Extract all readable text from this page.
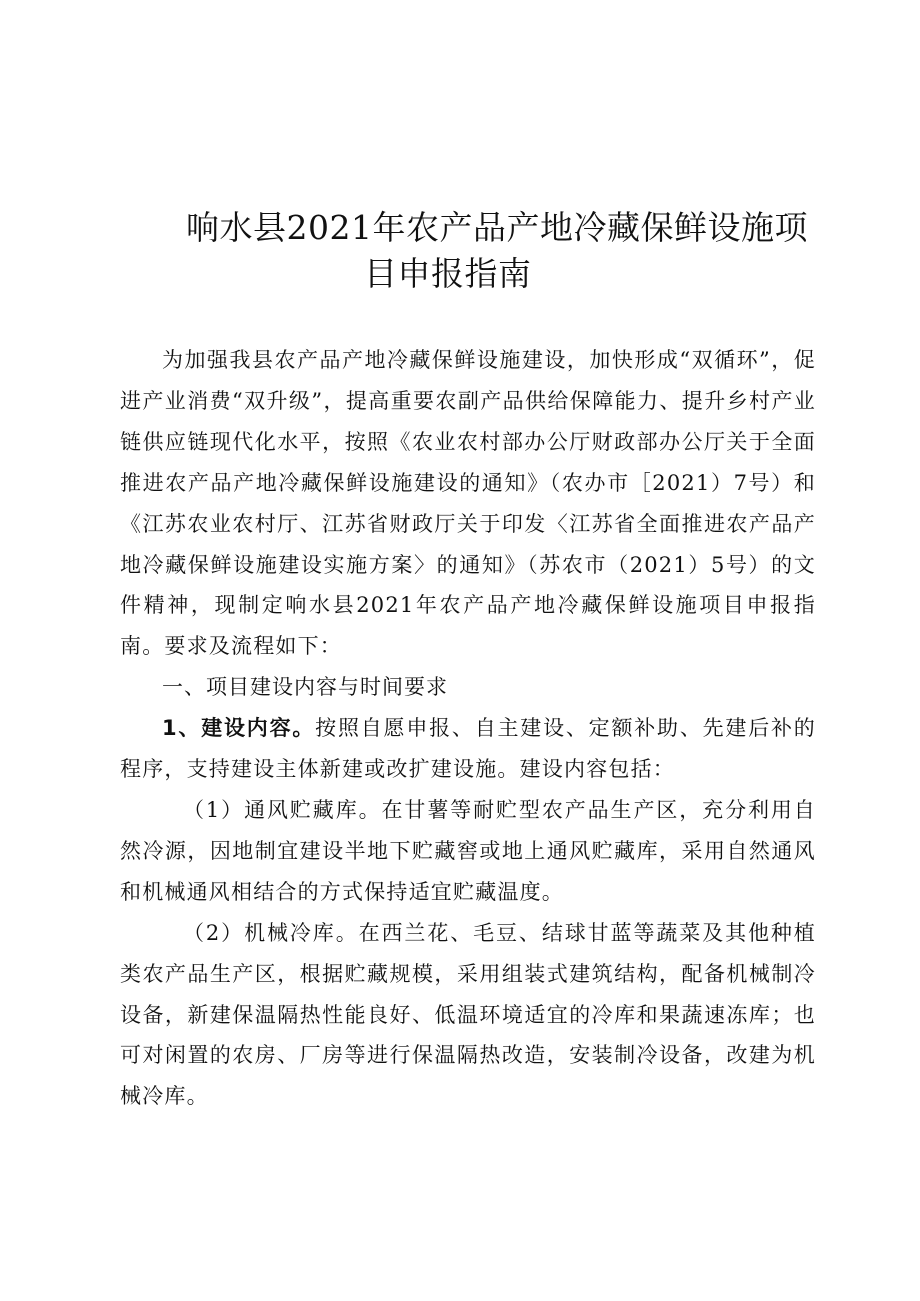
响水县2021年农产品产地冷藏保鲜设施项
目申报指南

为加强我县农产品产地冷藏保鲜设施建设，加快形成“双循环”，促进产业消费“双升级”，提高重要农副产品供给保障能力、提升乡村产业链供应链现代化水平，按照《农业农村部办公厅财政部办公厅关于全面推进农产品产地冷藏保鲜设施建设的通知》（农办市［2021）7号）和《江苏农业农村厅、江苏省财政厅关于印发〈江苏省全面推进农产品产地冷藏保鲜设施建设实施方案〉的通知》（苏农市（2021）5号）的文件精神，现制定响水县2021年农产品产地冷藏保鲜设施项目申报指南。要求及流程如下：

一、项目建设内容与时间要求

1、建设内容。按照自愿申报、自主建设、定额补助、先建后补的程序，支持建设主体新建或改扩建设施。建设内容包括：

（1）通风贮藏库。在甘薯等耐贮型农产品生产区，充分利用自然冷源，因地制宜建设半地下贮藏窖或地上通风贮藏库，采用自然通风和机械通风相结合的方式保持适宜贮藏温度。

（2）机械冷库。在西兰花、毛豆、结球甘蓝等蔬菜及其他种植类农产品生产区，根据贮藏规模，采用组装式建筑结构，配备机械制冷设备，新建保温隔热性能良好、低温环境适宜的冷库和果蔬速冻库；也可对闲置的农房、厂房等进行保温隔热改造，安装制冷设备，改建为机械冷库。
